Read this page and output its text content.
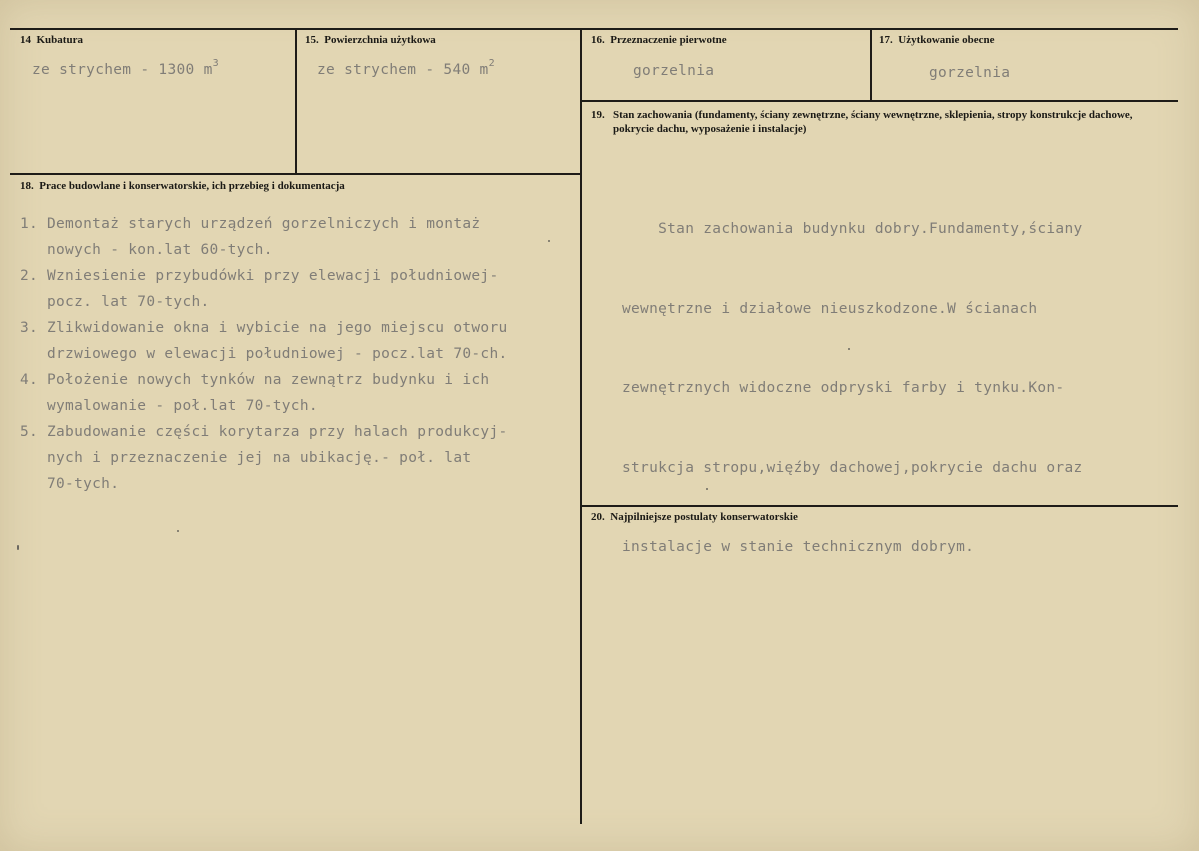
14 Kubatura
ze strychem - 1300 $m^3$
15. Powierzchnia użytkowa
ze strychem - 540 $m^2$
16. Przeznaczenie pierwotne
gorzelnia
17. Użytkowanie obecne
gorzelnia
19. Stan zachowania (fundamenty, ściany zewnętrzne, ściany wewnętrzne, sklepienia, stropy konstrukcje dachowe, pokrycie dachu, wyposażenie i instalacje)

Stan zachowania budynku dobry.Fundamenty,ściany

wewnętrzne i działowe nieuszkodzone.W ścianach

zewnętrznych widoczne odpryski farby i tynku.Kon-

strukcja stropu,więźby dachowej,pokrycie dachu oraz

instalacje w stanie technicznym dobrym.

18. Prace budowlane i konserwatorskie, ich przebieg i dokumentacja
1. Demontaż starych urządzeń gorzelniczych i montaż
nowych - kon.lat 60-tych.
2. Wzniesienie przybudówki przy elewacji południowej-
pocz. lat 70-tych.
3. Zlikwidowanie okna i wybicie na jego miejscu otworu
drzwiowego w elewacji południowej - pocz.lat 70-ch.
4. Położenie nowych tynków na zewnątrz budynku i ich
wymalowanie - poł.lat 70-tych.
5. Zabudowanie części korytarza przy halach produkcyj-
nych i przeznaczenie jej na ubikację.- poł. lat
70-tych.
20. Najpilniejsze postulaty konserwatorskie
